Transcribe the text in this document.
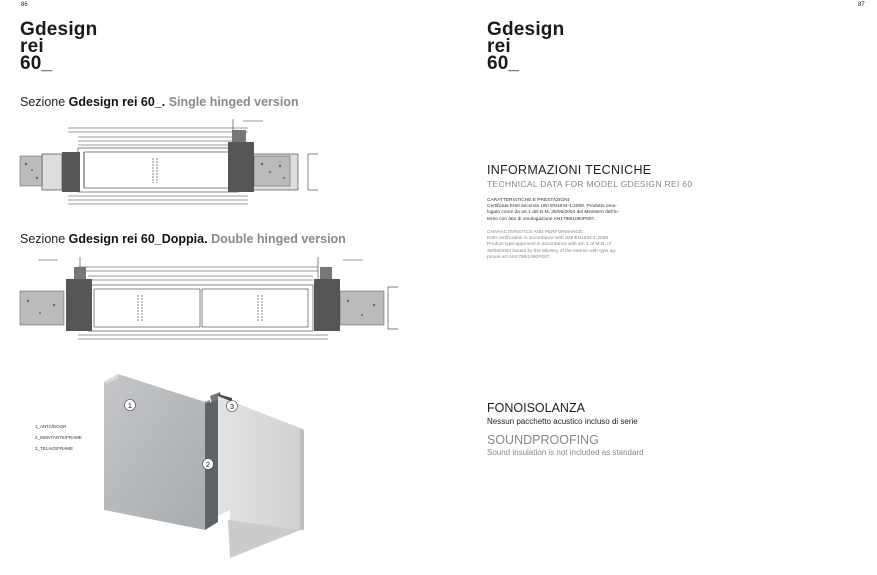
86
Gdesign
rei
60_
Sezione Gdesign rei 60_. Single hinged version
Sezione Gdesign rei 60_Doppia. Double hinged version
1_ANTA/DOOR
2_MONTANTE/FRAME
3_TELAIO/FRAME
1	3
2
87
Gdesign
rei
60_
INFORMAZIONI TECNICHE
TECHNICAL DATA FOR MODEL GDESIGN REI 60
CARATTERISTICHE E PRESTAZIONI:
Certificata EI60 secondo UNI EN1634-1:2009. Prodotto omo-
logato come da art.1 del D.M. 30/06/2004 del Ministero dell'In-
terno con atto di omologazione AN1796I1080P007.
CHARACTERISTICS AND PERFORMANCE:
EI60 certification in accordance with UNI EN1634-1:2009.
Product type-approved in accordance with art. 1 of M.D. of
30/06/2004 issued by the Ministry of the Interior with type ap-
proval act AN1796I1080P007.
FONOISOLANZA
Nessun pacchetto acustico incluso di serie
SOUNDPROOFING
Sound insulation is not included as standard
